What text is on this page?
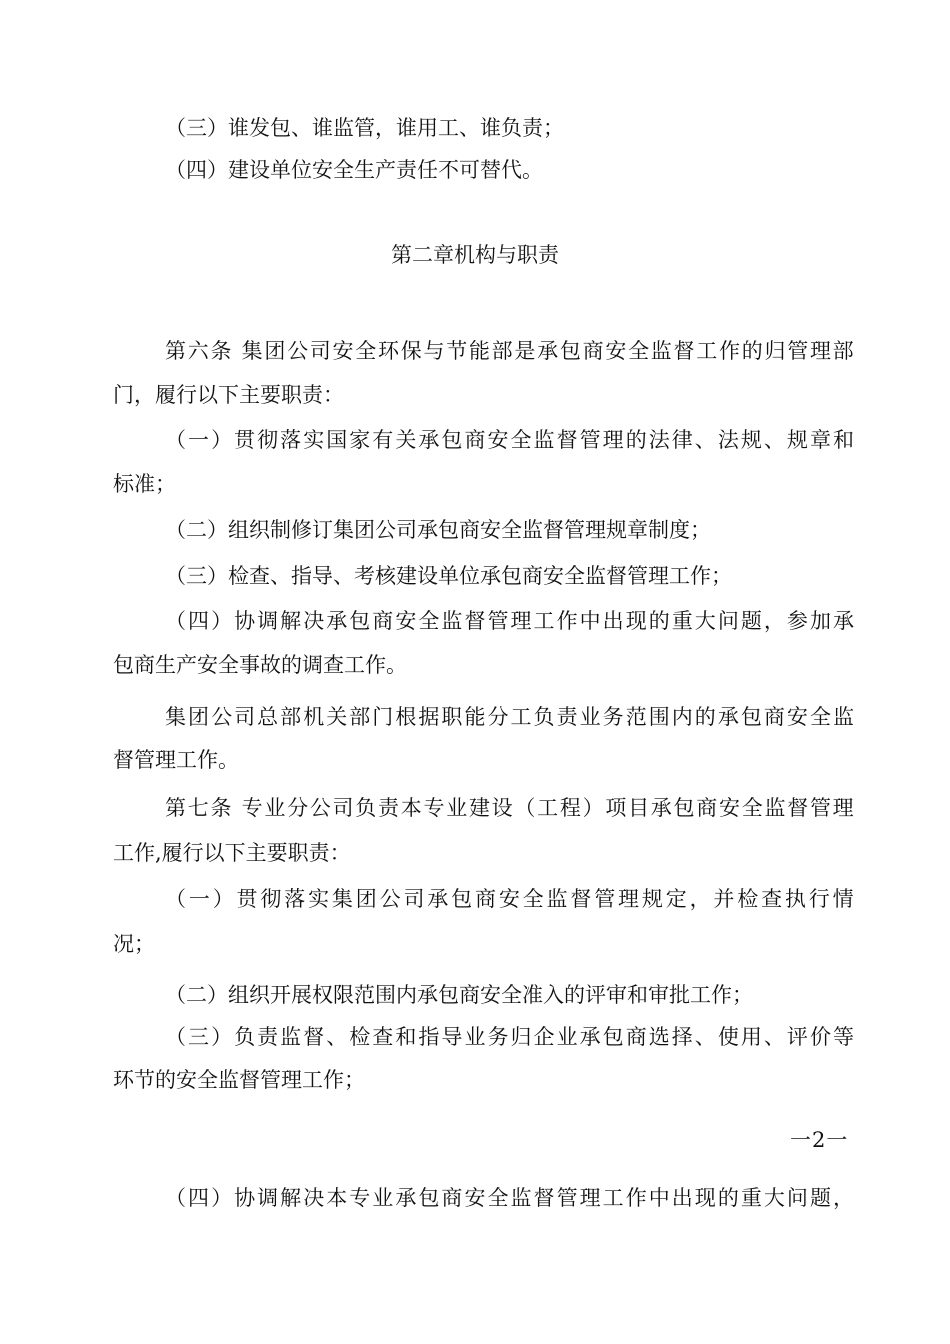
（三）谁发包、谁监管，谁用工、谁负责；
（四）建设单位安全生产责任不可替代。
第二章机构与职责
第六条 集团公司安全环保与节能部是承包商安全监督工作的归管理部
门，履行以下主要职责：
（一）贯彻落实国家有关承包商安全监督管理的法律、法规、规章和
标准；
（二）组织制修订集团公司承包商安全监督管理规章制度；
（三）检查、指导、考核建设单位承包商安全监督管理工作；
（四）协调解决承包商安全监督管理工作中出现的重大问题，参加承
包商生产安全事故的调查工作。
集团公司总部机关部门根据职能分工负责业务范围内的承包商安全监
督管理工作。
第七条 专业分公司负责本专业建设（工程）项目承包商安全监督管理
工作,履行以下主要职责：
（ 一 ） 贯 彻 落 实 集 团 公 司 承 包 商 安 全 监 督 管 理 规 定 ， 并 检 查 执 行 情
况；
（二）组织开展权限范围内承包商安全准入的评审和审批工作；
（三）负责监督、检查和指导业务归企业承包商选择、使用、评价等
环节的安全监督管理工作；
一2一
（四）协调解决本专业承包商安全监督管理工作中出现的重大问题，
